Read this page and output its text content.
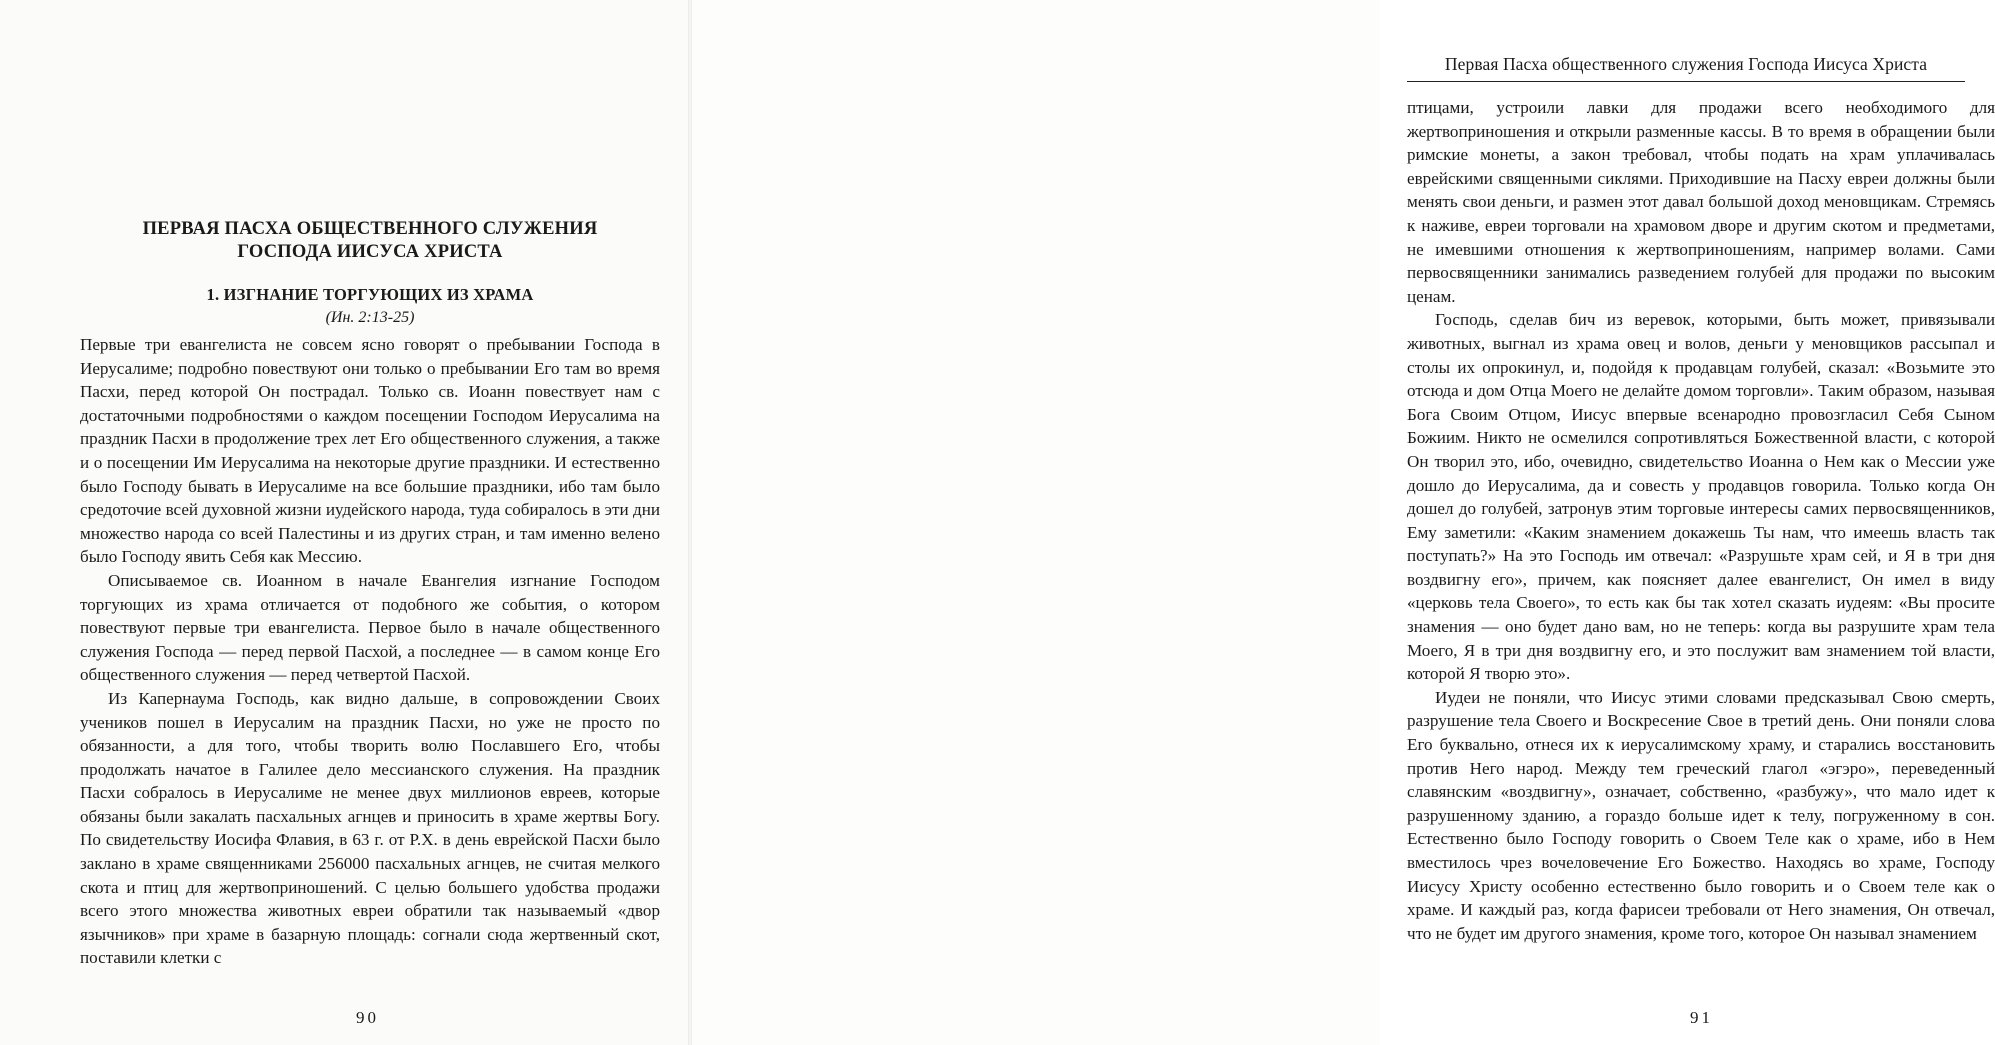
ПЕРВАЯ ПАСХА ОБЩЕСТВЕННОГО СЛУЖЕНИЯ
ГОСПОДА ИИСУСА ХРИСТА
1. ИЗГНАНИЕ ТОРГУЮЩИХ ИЗ ХРАМА
(Ин. 2:13-25)

Первые три евангелиста не совсем ясно говорят о пребывании Господа в Иерусалиме; подробно повествуют они только о пребывании Его там во время Пасхи, перед которой Он пострадал. Только св. Иоанн повествует нам с достаточными подробностями о каждом посещении Господом Иерусалима на праздник Пасхи в продолжение трех лет Его общественного служения, а также и о посещении Им Иерусалима на некоторые другие праздники. И естественно было Господу бывать в Иерусалиме на все большие праздники, ибо там было средоточие всей духовной жизни иудейского народа, туда собиралось в эти дни множество народа со всей Палестины и из других стран, и там именно велено было Господу явить Себя как Мессию.

Описываемое св. Иоанном в начале Евангелия изгнание Господом торгующих из храма отличается от подобного же события, о котором повествуют первые три евангелиста. Первое было в начале общественного служения Господа — перед первой Пасхой, а последнее — в самом конце Его общественного служения — перед четвертой Пасхой.

Из Капернаума Господь, как видно дальше, в сопровождении Своих учеников пошел в Иерусалим на праздник Пасхи, но уже не просто по обязанности, а для того, чтобы творить волю Пославшего Его, чтобы продолжать начатое в Галилее дело мессианского служения. На праздник Пасхи собралось в Иерусалиме не менее двух миллионов евреев, которые обязаны были закалать пасхальных агнцев и приносить в храме жертвы Богу. По свидетельству Иосифа Флавия, в 63 г. от Р.Х. в день еврейской Пасхи было заклано в храме священниками 256000 пасхальных агнцев, не считая мелкого скота и птиц для жертвоприношений. С целью большего удобства продажи всего этого множества животных евреи обратили так называемый «двор язычников» при храме в базарную площадь: согнали сюда жертвенный скот, поставили клетки с

90
Первая Пасха общественного служения Господа Иисуса Христа

птицами, устроили лавки для продажи всего необходимого для жертвоприношения и открыли разменные кассы. В то время в обращении были римские монеты, а закон требовал, чтобы подать на храм уплачивалась еврейскими священными сиклями. Приходившие на Пасху евреи должны были менять свои деньги, и размен этот давал большой доход меновщикам. Стремясь к наживе, евреи торговали на храмовом дворе и другим скотом и предметами, не имевшими отношения к жертвоприношениям, например волами. Сами первосвященники занимались разведением голубей для продажи по высоким ценам.

Господь, сделав бич из веревок, которыми, быть может, привязывали животных, выгнал из храма овец и волов, деньги у меновщиков рассыпал и столы их опрокинул, и, подойдя к продавцам голубей, сказал: «Возьмите это отсюда и дом Отца Моего не делайте домом торговли». Таким образом, называя Бога Своим Отцом, Иисус впервые всенародно провозгласил Себя Сыном Божиим. Никто не осмелился сопротивляться Божественной власти, с которой Он творил это, ибо, очевидно, свидетельство Иоанна о Нем как о Мессии уже дошло до Иерусалима, да и совесть у продавцов говорила. Только когда Он дошел до голубей, затронув этим торговые интересы самих первосвященников, Ему заметили: «Каким знамением докажешь Ты нам, что имеешь власть так поступать?» На это Господь им отвечал: «Разрушьте храм сей, и Я в три дня воздвигну его», причем, как поясняет далее евангелист, Он имел в виду «церковь тела Своего», то есть как бы так хотел сказать иудеям: «Вы просите знамения — оно будет дано вам, но не теперь: когда вы разрушите храм тела Моего, Я в три дня воздвигну его, и это послужит вам знамением той власти, которой Я творю это».

Иудеи не поняли, что Иисус этими словами предсказывал Свою смерть, разрушение тела Своего и Воскресение Свое в третий день. Они поняли слова Его буквально, отнеся их к иерусалимскому храму, и старались восстановить против Него народ. Между тем греческий глагол «эгэро», переведенный славянским «воздвигну», означает, собственно, «разбужу», что мало идет к разрушенному зданию, а гораздо больше идет к телу, погруженному в сон. Естественно было Господу говорить о Своем Теле как о храме, ибо в Нем вместилось чрез вочеловечение Его Божество. Находясь во храме, Господу Иисусу Христу особенно естественно было говорить и о Своем теле как о храме. И каждый раз, когда фарисеи требовали от Него знамения, Он отвечал, что не будет им другого знамения, кроме того, которое Он называл знамением

91
